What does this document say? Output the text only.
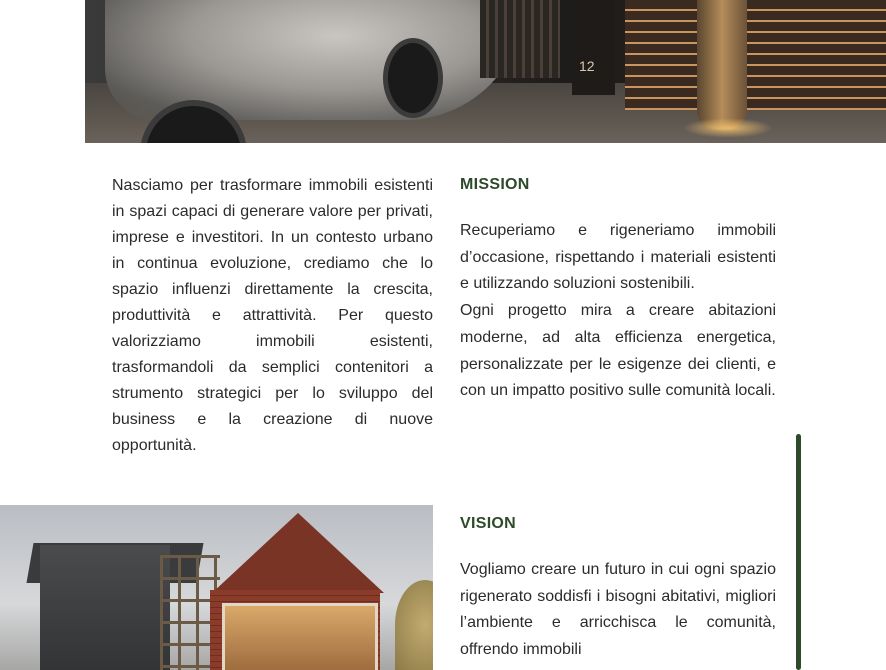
12

Nasciamo per trasformare immobili esistenti in spazi capaci di generare valore per privati, imprese e investitori. In un contesto urbano in continua evoluzione, crediamo che lo spazio influenzi direttamente la crescita, produttività e attrattività. Per questo valorizziamo immobili esistenti, trasformandoli da semplici contenitori a strumento strategici per lo sviluppo del business e la creazione di nuove opportunità.

MISSION

Recuperiamo e rigeneriamo immobili d’occasione, rispettando i materiali esistenti e utilizzando soluzioni sostenibili.

Ogni progetto mira a creare abitazioni moderne, ad alta efficienza energetica, personalizzate per le esigenze dei clienti, e con un impatto positivo sulle comunità locali.

VISION

Vogliamo creare un futuro in cui ogni spazio rigenerato soddisfi i bisogni abitativi, migliori l’ambiente e arricchisca le comunità, offrendo immobili
